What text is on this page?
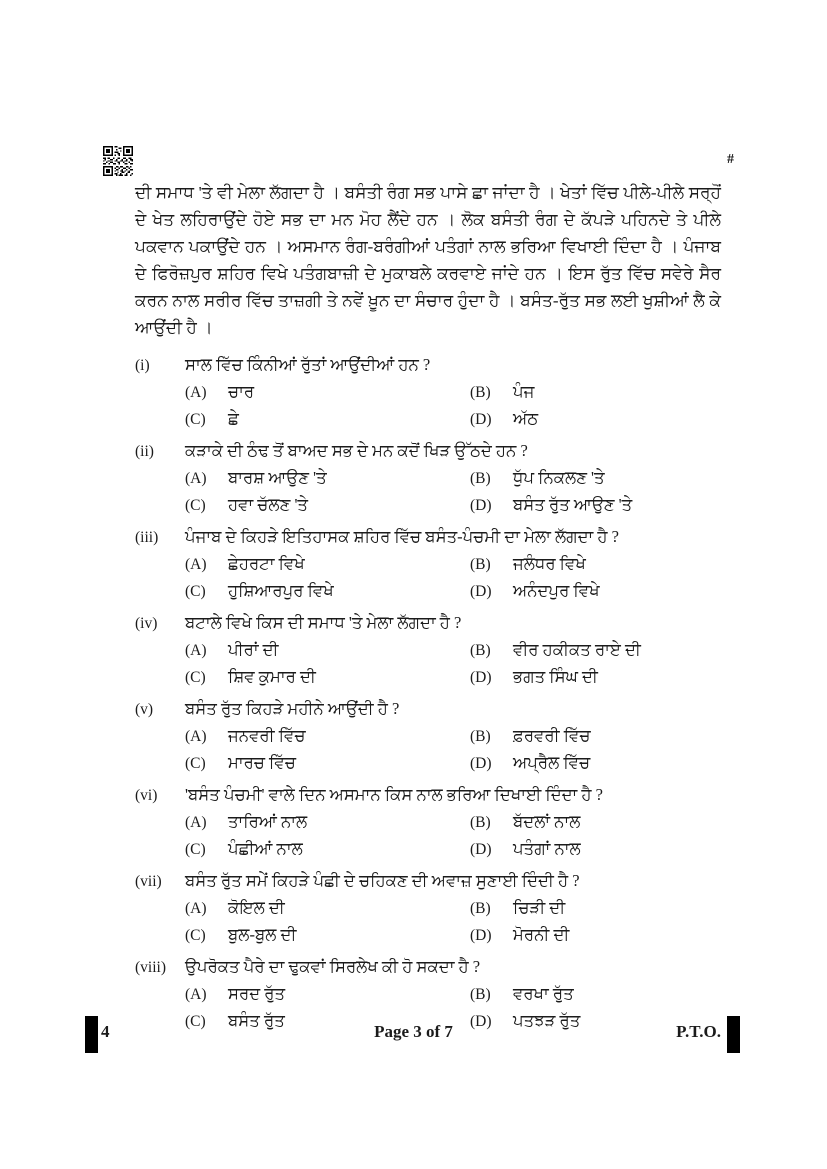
#

ਦੀ ਸਮਾਧ 'ਤੇ ਵੀ ਮੇਲਾ ਲੱਗਦਾ ਹੈ । ਬਸੰਤੀ ਰੰਗ ਸਭ ਪਾਸੇ ਛਾ ਜਾਂਦਾ ਹੈ । ਖੇਤਾਂ ਵਿੱਚ ਪੀਲੇ-ਪੀਲੇ ਸਰ੍ਹੋਂ ਦੇ ਖੇਤ ਲਹਿਰਾਉਂਦੇ ਹੋਏ ਸਭ ਦਾ ਮਨ ਮੋਹ ਲੈਂਦੇ ਹਨ । ਲੋਕ ਬਸੰਤੀ ਰੰਗ ਦੇ ਕੱਪੜੇ ਪਹਿਨਦੇ ਤੇ ਪੀਲੇ ਪਕਵਾਨ ਪਕਾਉਂਦੇ ਹਨ । ਅਸਮਾਨ ਰੰਗ-ਬਰੰਗੀਆਂ ਪਤੰਗਾਂ ਨਾਲ ਭਰਿਆ ਵਿਖਾਈ ਦਿੰਦਾ ਹੈ । ਪੰਜਾਬ ਦੇ ਫਿਰੋਜ਼ਪੁਰ ਸ਼ਹਿਰ ਵਿਖੇ ਪਤੰਗਬਾਜ਼ੀ ਦੇ ਮੁਕਾਬਲੇ ਕਰਵਾਏ ਜਾਂਦੇ ਹਨ । ਇਸ ਰੁੱਤ ਵਿੱਚ ਸਵੇਰੇ ਸੈਰ ਕਰਨ ਨਾਲ ਸਰੀਰ ਵਿੱਚ ਤਾਜ਼ਗੀ ਤੇ ਨਵੇਂ ਖ਼ੂਨ ਦਾ ਸੰਚਾਰ ਹੁੰਦਾ ਹੈ । ਬਸੰਤ-ਰੁੱਤ ਸਭ ਲਈ ਖੁਸ਼ੀਆਂ ਲੈ ਕੇ ਆਉਂਦੀ ਹੈ ।

(i)	ਸਾਲ ਵਿੱਚ ਕਿੰਨੀਆਂ ਰੁੱਤਾਂ ਆਉਂਦੀਆਂ ਹਨ ?
(A)	ਚਾਰ	(B)	ਪੰਜ
(C)	ਛੇ	(D)	ਅੱਠ
(ii)	ਕੜਾਕੇ ਦੀ ਠੰਢ ਤੋਂ ਬਾਅਦ ਸਭ ਦੇ ਮਨ ਕਦੋਂ ਖਿੜ ਉੱਠਦੇ ਹਨ ?
(A)	ਬਾਰਸ਼ ਆਉਣ 'ਤੇ	(B)	ਧੁੱਪ ਨਿਕਲਣ 'ਤੇ
(C)	ਹਵਾ ਚੱਲਣ 'ਤੇ	(D)	ਬਸੰਤ ਰੁੱਤ ਆਉਣ 'ਤੇ
(iii)	ਪੰਜਾਬ ਦੇ ਕਿਹੜੇ ਇਤਿਹਾਸਕ ਸ਼ਹਿਰ ਵਿੱਚ ਬਸੰਤ-ਪੰਚਮੀ ਦਾ ਮੇਲਾ ਲੱਗਦਾ ਹੈ ?
(A)	ਛੇਹਰਟਾ ਵਿਖੇ	(B)	ਜਲੰਧਰ ਵਿਖੇ
(C)	ਹੁਸ਼ਿਆਰਪੁਰ ਵਿਖੇ	(D)	ਅਨੰਦਪੁਰ ਵਿਖੇ
(iv)	ਬਟਾਲੇ ਵਿਖੇ ਕਿਸ ਦੀ ਸਮਾਧ 'ਤੇ ਮੇਲਾ ਲੱਗਦਾ ਹੈ ?
(A)	ਪੀਰਾਂ ਦੀ	(B)	ਵੀਰ ਹਕੀਕਤ ਰਾਏ ਦੀ
(C)	ਸ਼ਿਵ ਕੁਮਾਰ ਦੀ	(D)	ਭਗਤ ਸਿੰਘ ਦੀ
(v)	ਬਸੰਤ ਰੁੱਤ ਕਿਹੜੇ ਮਹੀਨੇ ਆਉਂਦੀ ਹੈ ?
(A)	ਜਨਵਰੀ ਵਿੱਚ	(B)	ਫ਼ਰਵਰੀ ਵਿੱਚ
(C)	ਮਾਰਚ ਵਿੱਚ	(D)	ਅਪ੍ਰੈਲ ਵਿੱਚ
(vi)	'ਬਸੰਤ ਪੰਚਮੀ' ਵਾਲੇ ਦਿਨ ਅਸਮਾਨ ਕਿਸ ਨਾਲ ਭਰਿਆ ਦਿਖਾਈ ਦਿੰਦਾ ਹੈ ?
(A)	ਤਾਰਿਆਂ ਨਾਲ	(B)	ਬੱਦਲਾਂ ਨਾਲ
(C)	ਪੰਛੀਆਂ ਨਾਲ	(D)	ਪਤੰਗਾਂ ਨਾਲ
(vii)	ਬਸੰਤ ਰੁੱਤ ਸਮੇਂ ਕਿਹੜੇ ਪੰਛੀ ਦੇ ਚਹਿਕਣ ਦੀ ਅਵਾਜ਼ ਸੁਣਾਈ ਦਿੰਦੀ ਹੈ ?
(A)	ਕੋਇਲ ਦੀ	(B)	ਚਿੜੀ ਦੀ
(C)	ਬੁਲ-ਬੁਲ ਦੀ	(D)	ਮੋਰਨੀ ਦੀ
(viii)	ਉਪਰੋਕਤ ਪੈਰੇ ਦਾ ਢੁਕਵਾਂ ਸਿਰਲੇਖ ਕੀ ਹੋ ਸਕਦਾ ਹੈ ?
(A)	ਸਰਦ ਰੁੱਤ	(B)	ਵਰਖਾ ਰੁੱਤ
(C)	ਬਸੰਤ ਰੁੱਤ	(D)	ਪਤਝੜ ਰੁੱਤ
4	Page 3 of 7	P.T.O.
